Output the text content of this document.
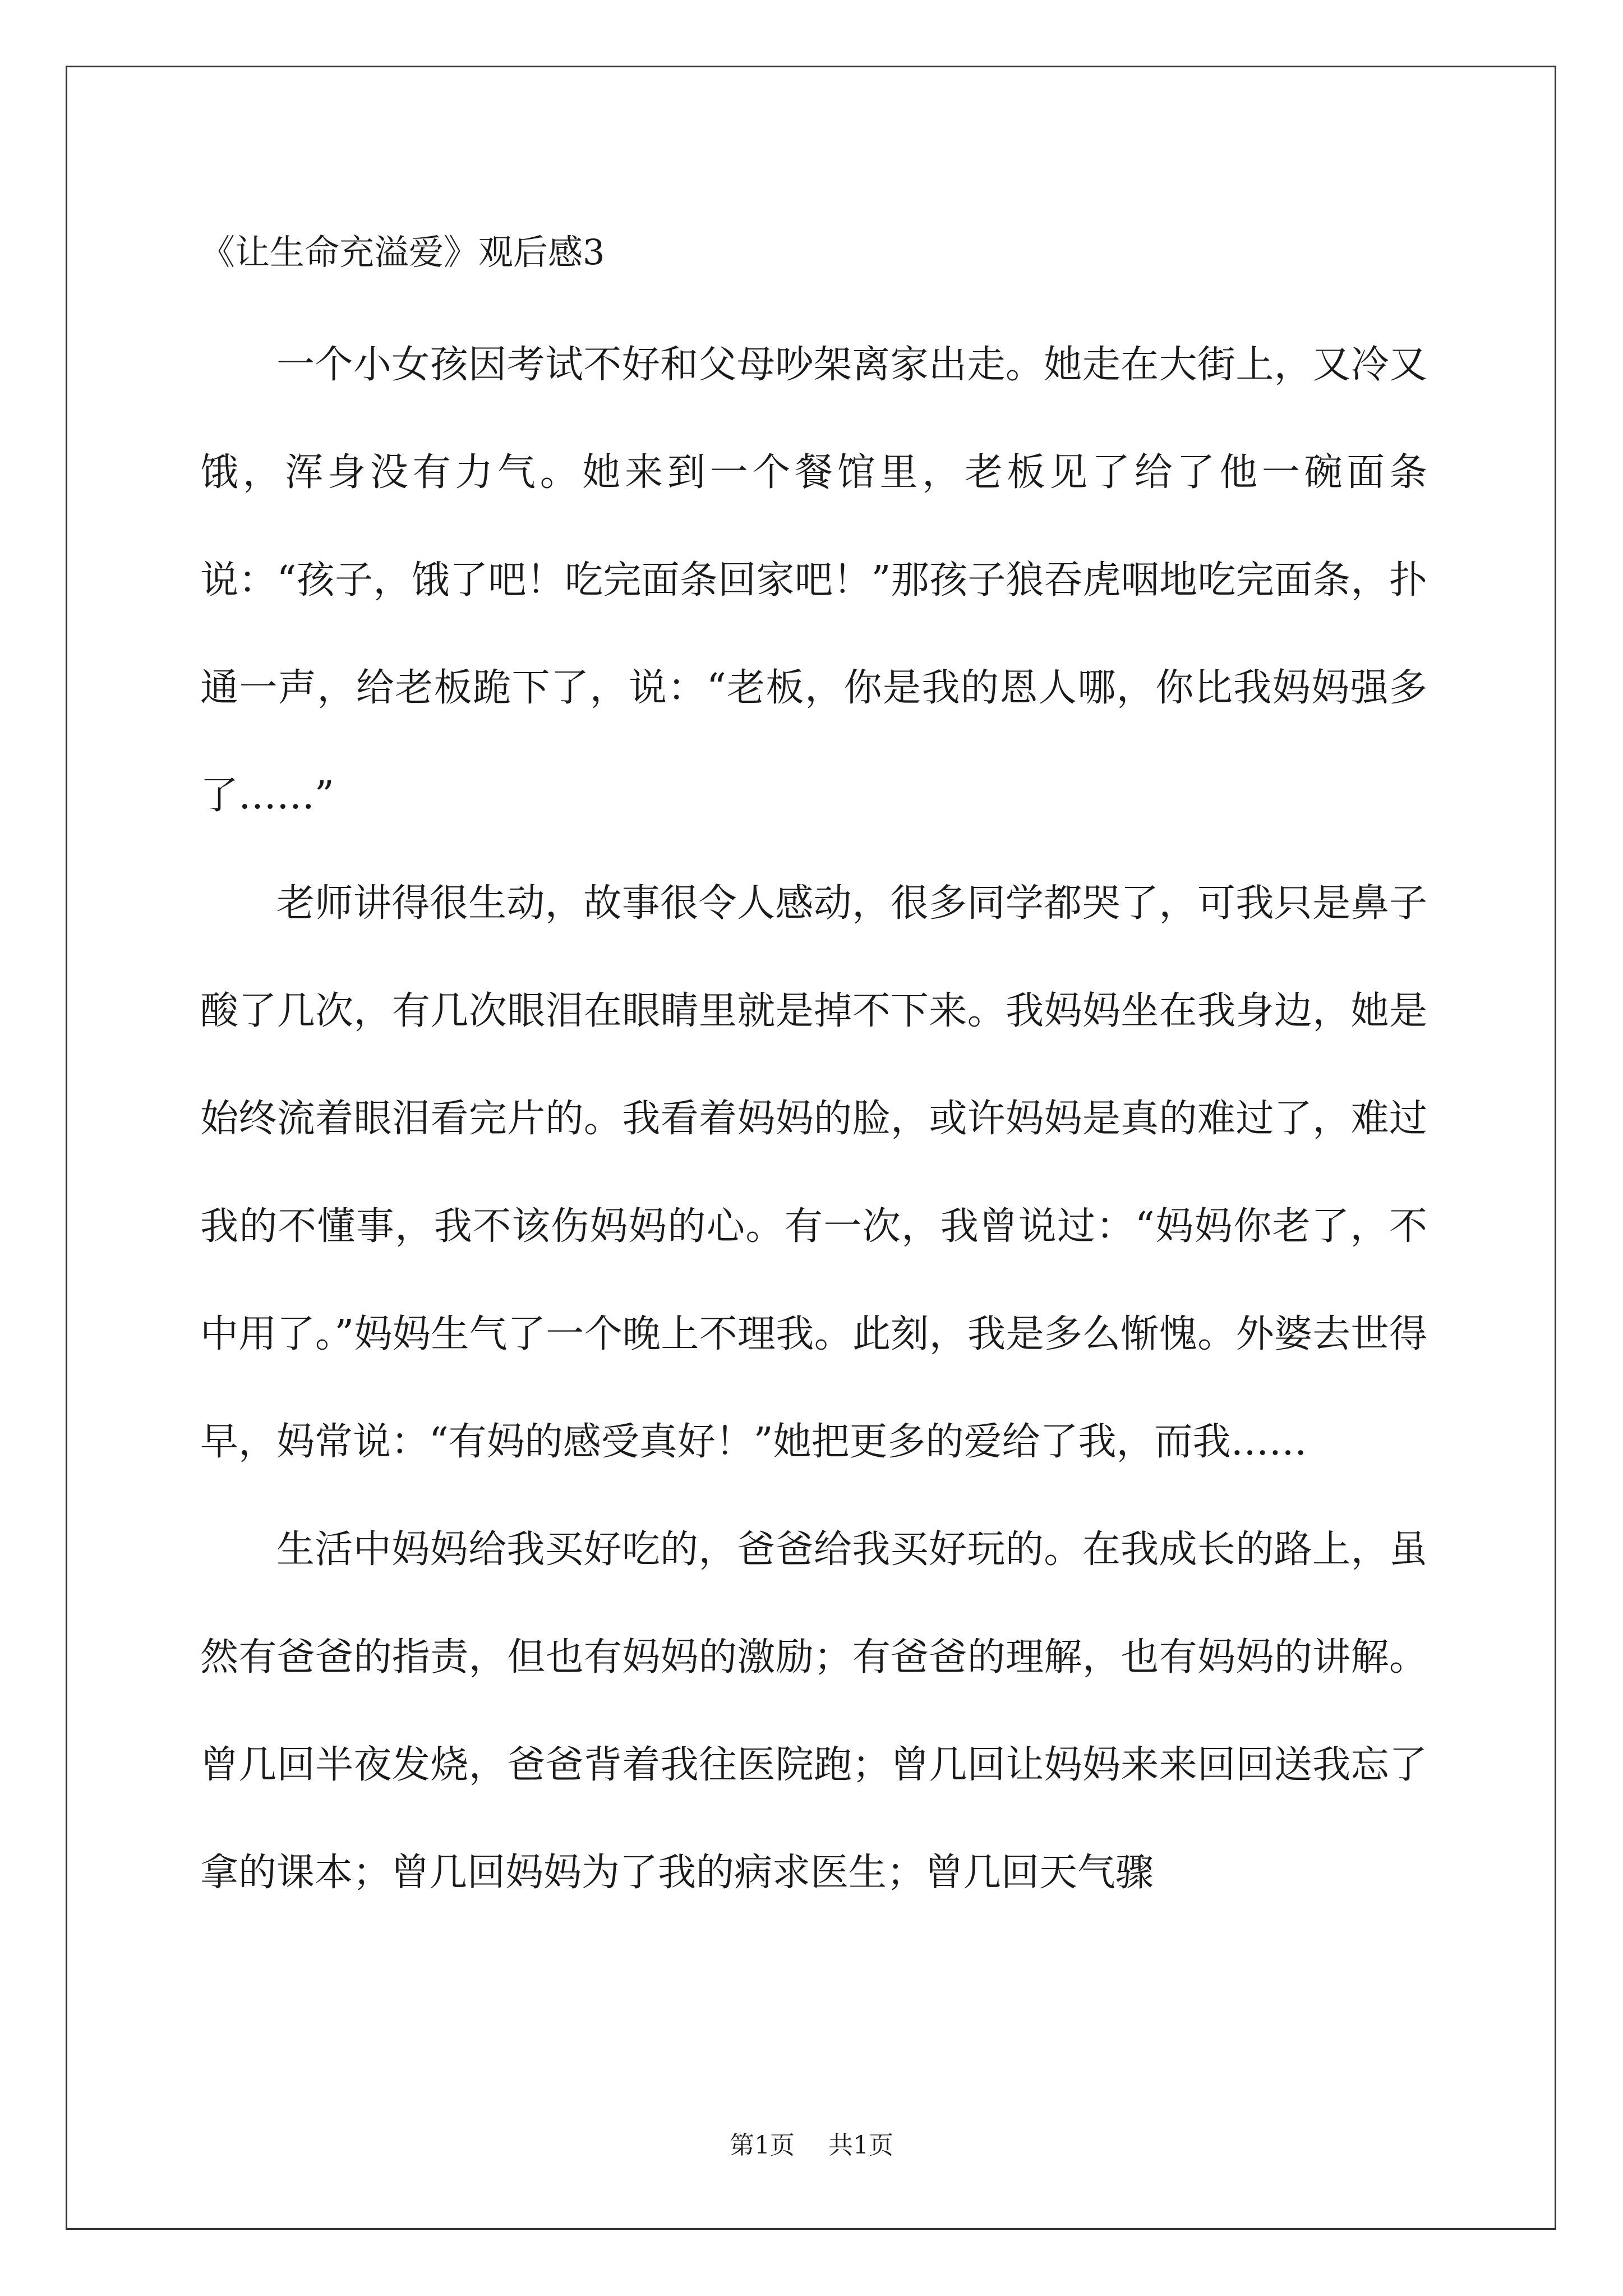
《让生命充溢爱》观后感3

一个小女孩因考试不好和父母吵架离家出走。她走在大街上，又冷又饿，浑身没有力气。她来到一个餐馆里，老板见了给了他一碗面条说：“孩子，饿了吧！吃完面条回家吧！”那孩子狼吞虎咽地吃完面条，扑通一声，给老板跪下了，说：“老板，你是我的恩人哪，你比我妈妈强多了……”

老师讲得很生动，故事很令人感动，很多同学都哭了，可我只是鼻子酸了几次，有几次眼泪在眼睛里就是掉不下来。我妈妈坐在我身边，她是始终流着眼泪看完片的。我看着妈妈的脸，或许妈妈是真的难过了，难过我的不懂事，我不该伤妈妈的心。有一次，我曾说过：“妈妈你老了，不中用了。”妈妈生气了一个晚上不理我。此刻，我是多么惭愧。外婆去世得早，妈常说：“有妈的感受真好！”她把更多的爱给了我，而我……

生活中妈妈给我买好吃的，爸爸给我买好玩的。在我成长的路上，虽然有爸爸的指责，但也有妈妈的激励；有爸爸的理解，也有妈妈的讲解。曾几回半夜发烧，爸爸背着我往医院跑；曾几回让妈妈来来回回送我忘了拿的课本；曾几回妈妈为了我的病求医生；曾几回天气骤

第1页 共1页
